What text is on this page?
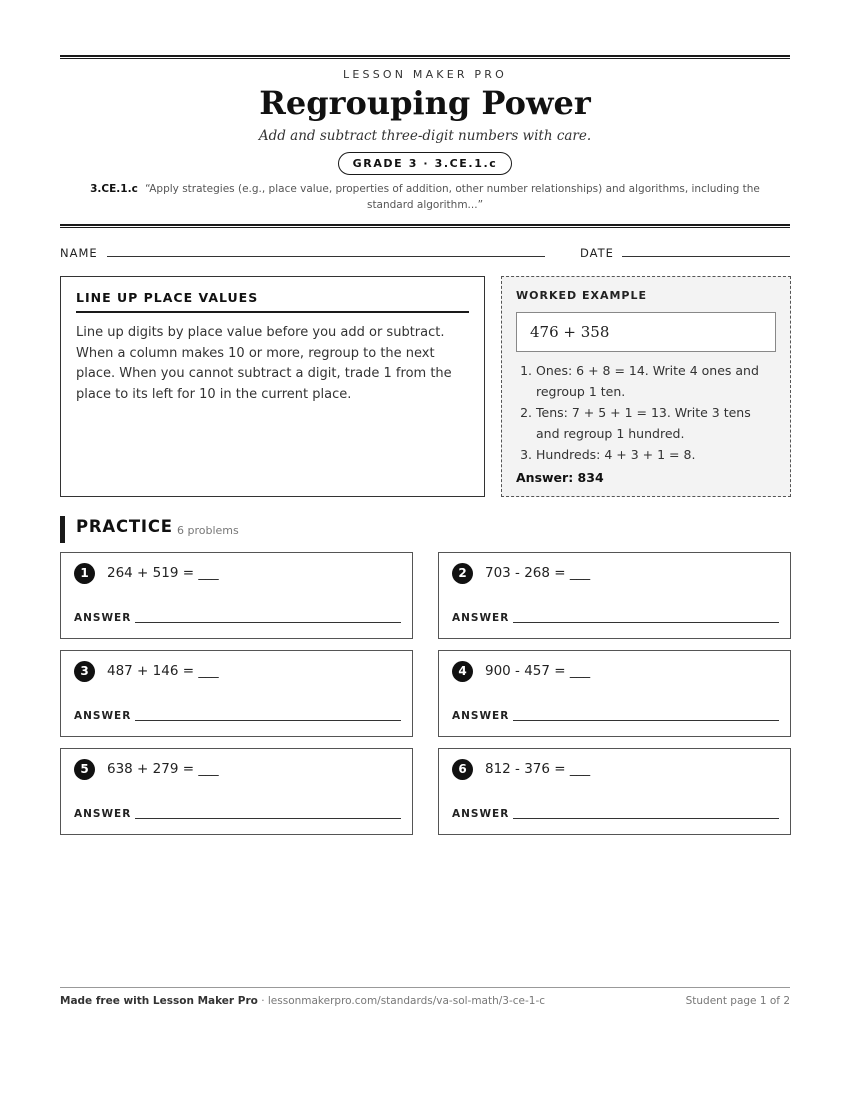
LESSON MAKER PRO
Regrouping Power
Add and subtract three-digit numbers with care.
GRADE 3 · 3.CE.1.c
3.CE.1.c “Apply strategies (e.g., place value, properties of addition, other number relationships) and algorithms, including the standard algorithm...”
NAME	DATE
LINE UP PLACE VALUES
Line up digits by place value before you add or subtract. When a column makes 10 or more, regroup to the next place. When you cannot subtract a digit, trade 1 from the place to its left for 10 in the current place.
WORKED EXAMPLE
476 + 358
1. Ones: 6 + 8 = 14. Write 4 ones and regroup 1 ten.
2. Tens: 7 + 5 + 1 = 13. Write 3 tens and regroup 1 hundred.
3. Hundreds: 4 + 3 + 1 = 8.
Answer: 834
PRACTICE 6 problems
1	264 + 519 = ___
ANSWER
2	703 - 268 = ___
ANSWER
3	487 + 146 = ___
ANSWER
4	900 - 457 = ___
ANSWER
5	638 + 279 = ___
ANSWER
6	812 - 376 = ___
ANSWER
Made free with Lesson Maker Pro · lessonmakerpro.com/standards/va-sol-math/3-ce-1-c	Student page 1 of 2
